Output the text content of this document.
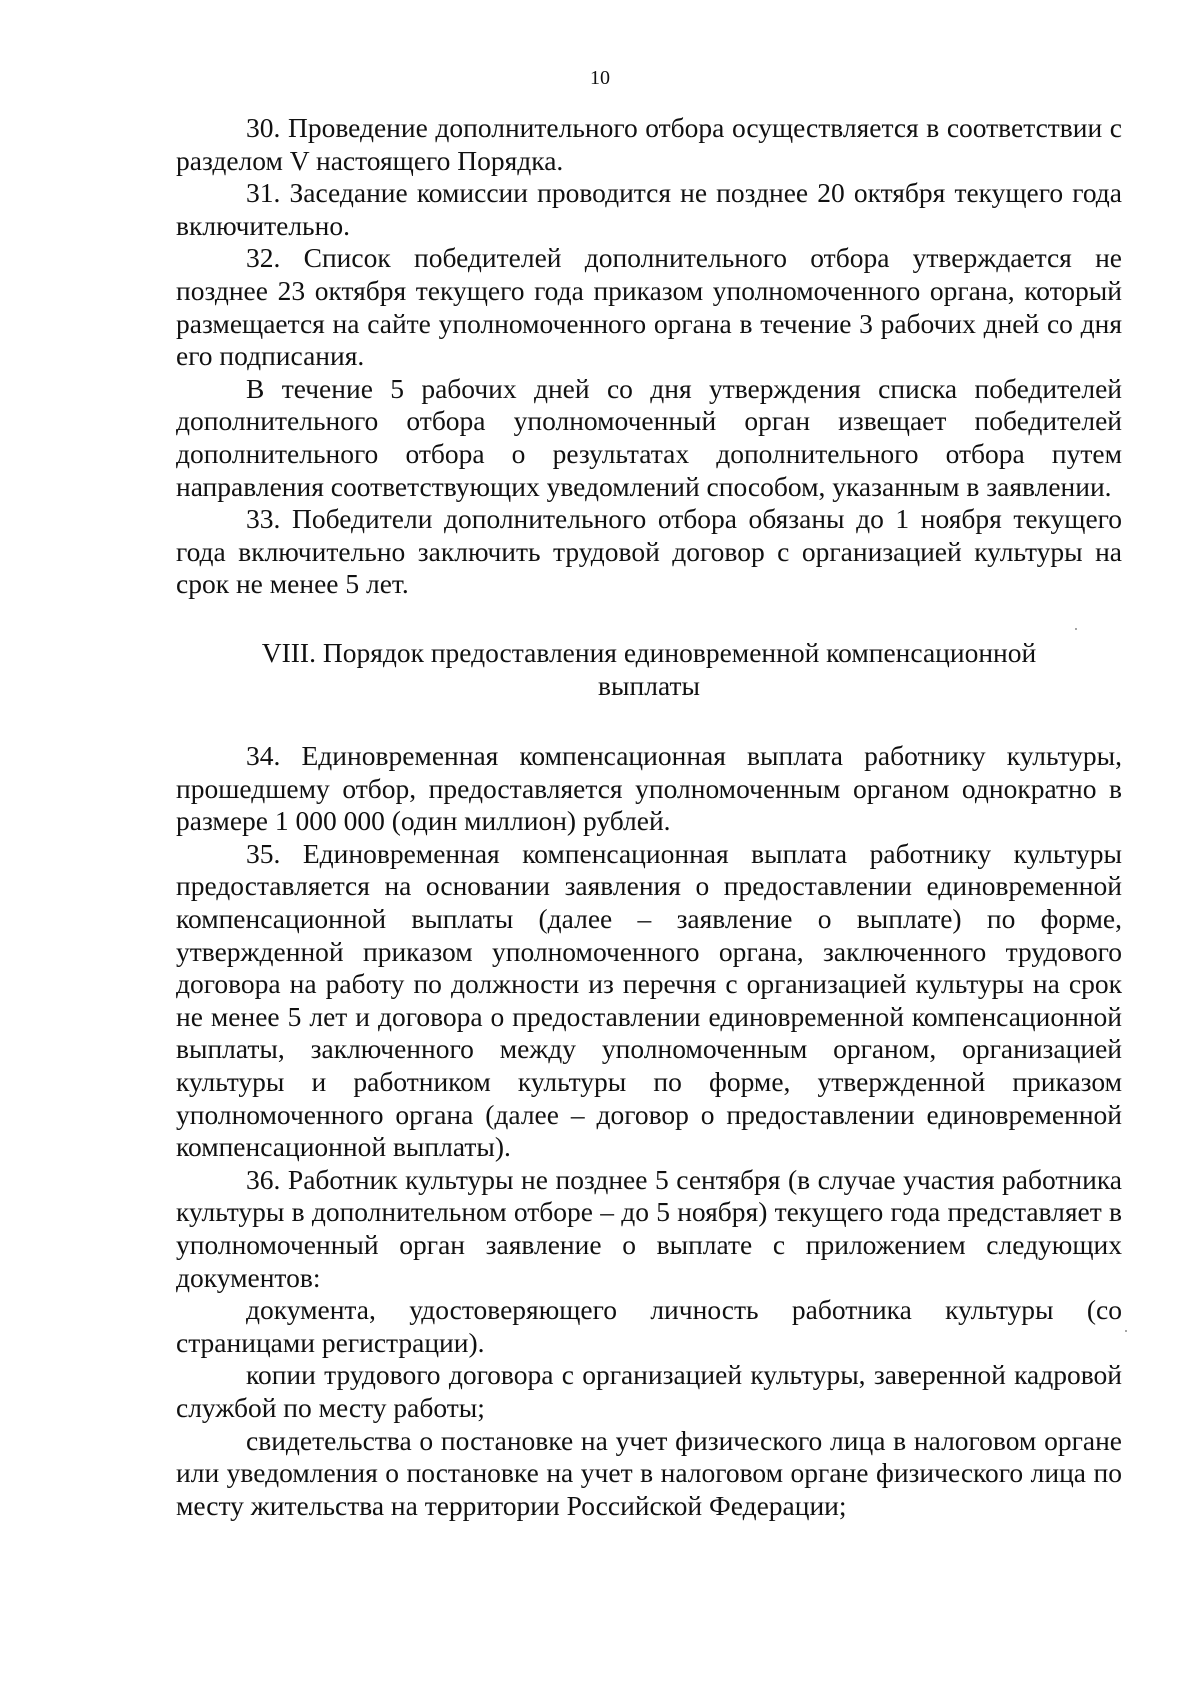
10

30. Проведение дополнительного отбора осуществляется в соответствии с разделом V настоящего Порядка.

31. Заседание комиссии проводится не позднее 20 октября текущего года включительно.

32. Список победителей дополнительного отбора утверждается не позднее 23 октября текущего года приказом уполномоченного органа, который размещается на сайте уполномоченного органа в течение 3 рабочих дней со дня его подписания.

В течение 5 рабочих дней со дня утверждения списка победителей дополнительного отбора уполномоченный орган извещает победителей дополнительного отбора о результатах дополнительного отбора путем направления соответствующих уведомлений способом, указанным в заявлении.

33. Победители дополнительного отбора обязаны до 1 ноября текущего года включительно заключить трудовой договор с организацией культуры на срок не менее 5 лет.

VIII. Порядок предоставления единовременной компенсационной выплаты

34. Единовременная компенсационная выплата работнику культуры, прошедшему отбор, предоставляется уполномоченным органом однократно в размере 1 000 000 (один миллион) рублей.

35. Единовременная компенсационная выплата работнику культуры предоставляется на основании заявления о предоставлении единовременной компенсационной выплаты (далее – заявление о выплате) по форме, утвержденной приказом уполномоченного органа, заключенного трудового договора на работу по должности из перечня с организацией культуры на срок не менее 5 лет и договора о предоставлении единовременной компенсационной выплаты, заключенного между уполномоченным органом, организацией культуры и работником культуры по форме, утвержденной приказом уполномоченного органа (далее – договор о предоставлении единовременной компенсационной выплаты).

36. Работник культуры не позднее 5 сентября (в случае участия работника культуры в дополнительном отборе – до 5 ноября) текущего года представляет в уполномоченный орган заявление о выплате с приложением следующих документов:

документа, удостоверяющего личность работника культуры (со страницами регистрации).

копии трудового договора с организацией культуры, заверенной кадровой службой по месту работы;

свидетельства о постановке на учет физического лица в налоговом органе или уведомления о постановке на учет в налоговом органе физического лица по месту жительства на территории Российской Федерации;
